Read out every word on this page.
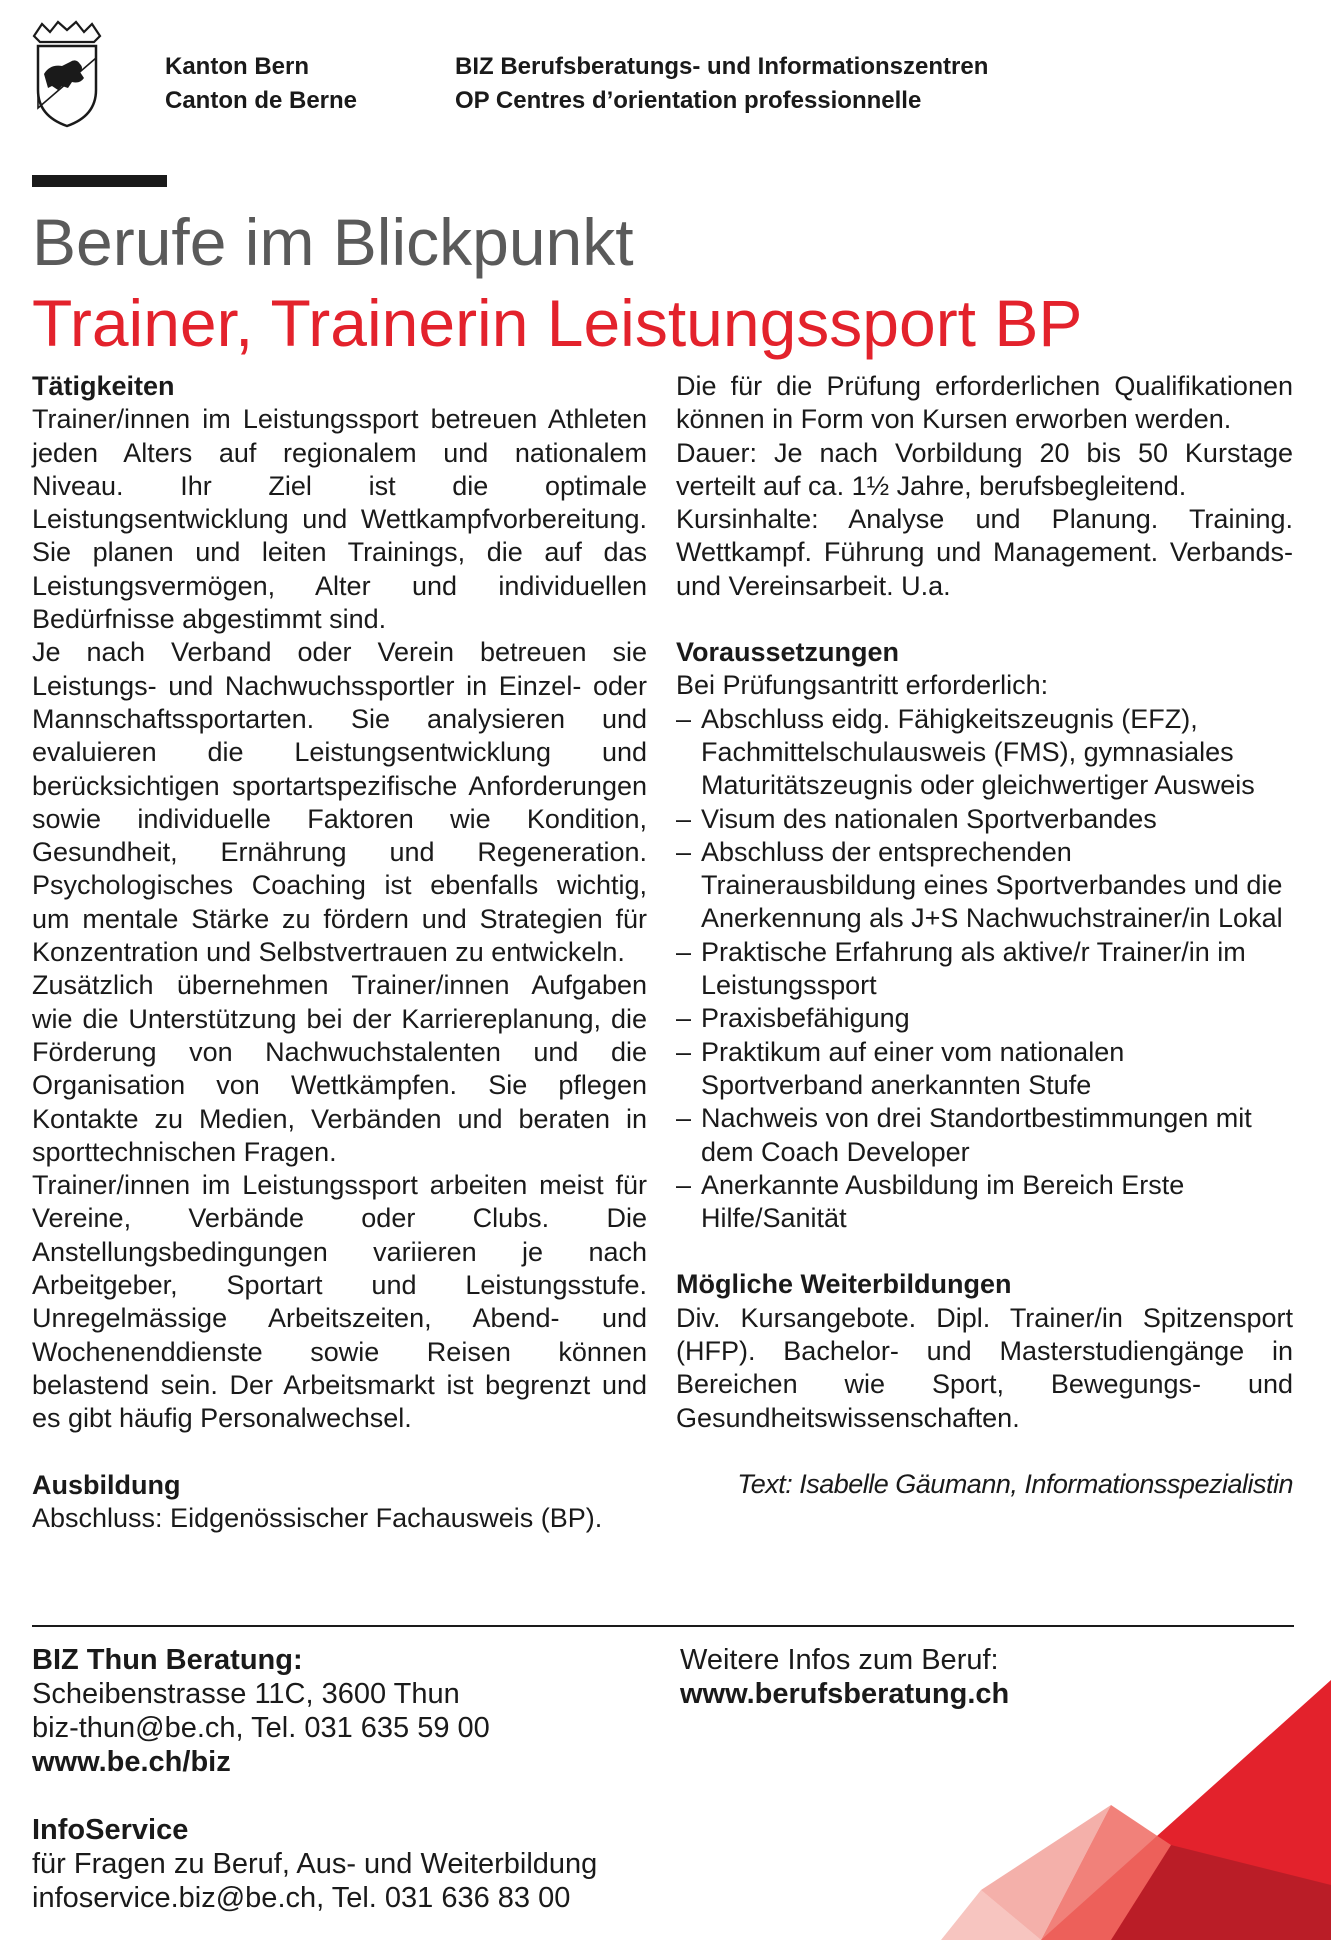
Kanton Bern
Canton de Berne
BIZ Berufsberatungs- und Informationszentren
OP Centres d’orientation professionnelle
Berufe im Blickpunkt
Trainer, Trainerin Leistungssport BP
Tätigkeiten
Trainer/innen im Leistungssport betreuen Athleten jeden Alters auf regionalem und nationalem Niveau. Ihr Ziel ist die optimale Leistungsentwicklung und Wettkampfvorbereitung. Sie planen und leiten Trainings, die auf das Leistungsvermögen, Alter und individuellen Bedürfnisse abgestimmt sind.
Je nach Verband oder Verein betreuen sie Leistungs- und Nachwuchssportler in Einzel- oder Mannschaftssportarten. Sie analysieren und evaluieren die Leistungsentwicklung und berücksichtigen sportartspezifische Anforderungen sowie individuelle Faktoren wie Kondition, Gesundheit, Ernährung und Regeneration. Psychologisches Coaching ist ebenfalls wichtig, um mentale Stärke zu fördern und Strategien für Konzentration und Selbstvertrauen zu entwickeln.
Zusätzlich übernehmen Trainer/innen Aufgaben wie die Unterstützung bei der Karriereplanung, die Förderung von Nachwuchstalenten und die Organisation von Wettkämpfen. Sie pflegen Kontakte zu Medien, Verbänden und beraten in sporttechnischen Fragen.
Trainer/innen im Leistungssport arbeiten meist für Vereine, Verbände oder Clubs. Die Anstellungsbedingungen variieren je nach Arbeitgeber, Sportart und Leistungsstufe. Unregelmässige Arbeitszeiten, Abend- und Wochenenddienste sowie Reisen können belastend sein. Der Arbeitsmarkt ist begrenzt und es gibt häufig Personalwechsel.
Ausbildung
Abschluss: Eidgenössischer Fachausweis (BP).
Die für die Prüfung erforderlichen Qualifikationen können in Form von Kursen erworben werden.
Dauer: Je nach Vorbildung 20 bis 50 Kurstage verteilt auf ca. 1½ Jahre, berufsbegleitend.
Kursinhalte: Analyse und Planung. Training. Wettkampf. Führung und Management. Verbands- und Vereinsarbeit. U.a.
Voraussetzungen
Bei Prüfungsantritt erforderlich:
– Abschluss eidg. Fähigkeitszeugnis (EFZ), Fachmittelschulausweis (FMS), gymnasiales Maturitätszeugnis oder gleichwertiger Ausweis
– Visum des nationalen Sportverbandes
– Abschluss der entsprechenden Trainerausbildung eines Sportverbandes und die Anerkennung als J+S Nachwuchstrainer/in Lokal
– Praktische Erfahrung als aktive/r Trainer/in im Leistungssport
– Praxisbefähigung
– Praktikum auf einer vom nationalen Sportverband anerkannten Stufe
– Nachweis von drei Standortbestimmungen mit dem Coach Developer
– Anerkannte Ausbildung im Bereich Erste Hilfe/Sanität
Mögliche Weiterbildungen
Div. Kursangebote. Dipl. Trainer/in Spitzensport (HFP). Bachelor- und Masterstudiengänge in Bereichen wie Sport, Bewegungs- und Gesundheitswissenschaften.
Text: Isabelle Gäumann, Informationsspezialistin
BIZ Thun Beratung:
Scheibenstrasse 11C, 3600 Thun
biz-thun@be.ch, Tel. 031 635 59 00
www.be.ch/biz
InfoService
für Fragen zu Beruf, Aus- und Weiterbildung
infoservice.biz@be.ch, Tel. 031 636 83 00
Weitere Infos zum Beruf:
www.berufsberatung.ch
